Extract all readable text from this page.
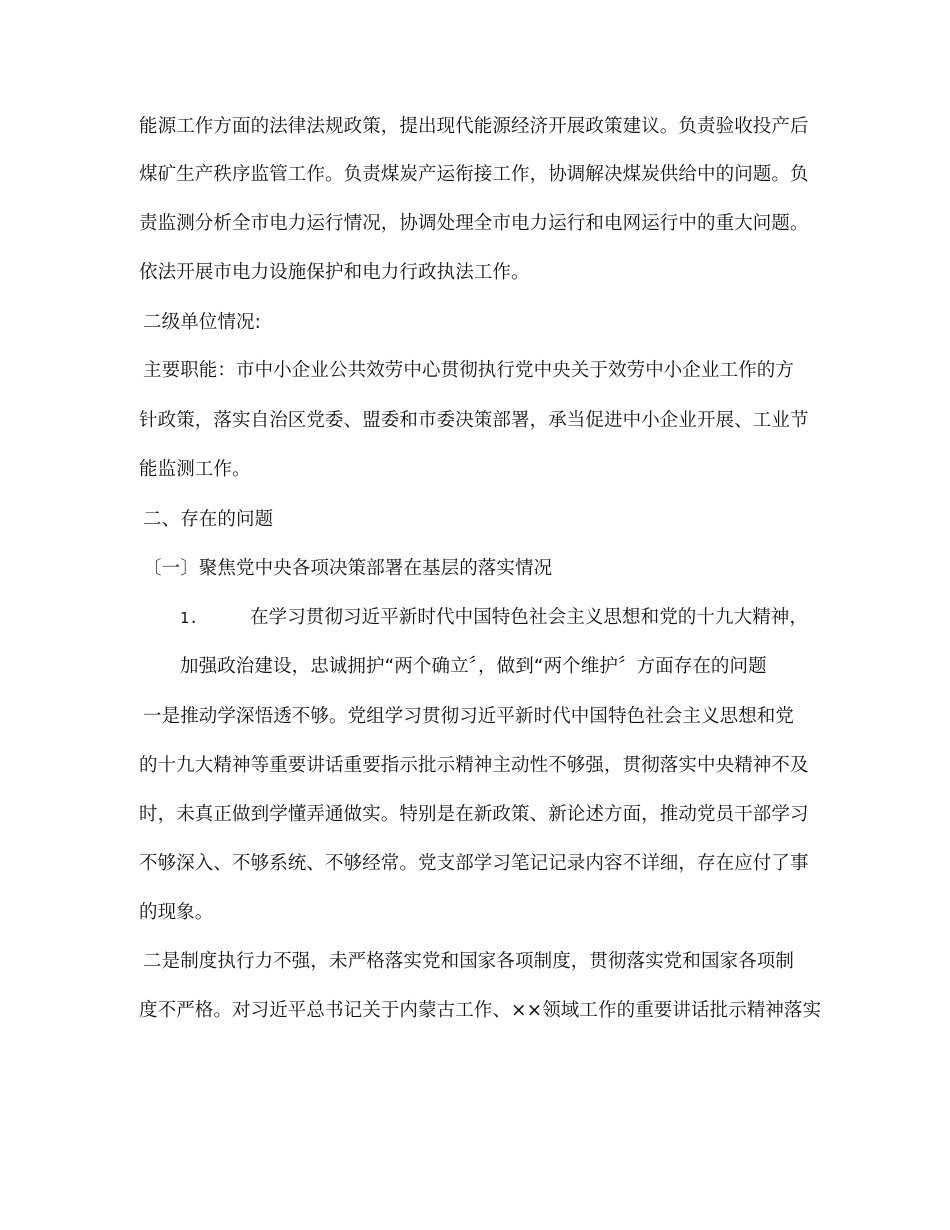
能源工作方面的法律法规政策，提出现代能源经济开展政策建议。负责验收投产后
煤矿生产秩序监管工作。负责煤炭产运衔接工作，协调解决煤炭供给中的问题。负
责监测分析全市电力运行情况，协调处理全市电力运行和电网运行中的重大问题。
依法开展市电力设施保护和电力行政执法工作。
二级单位情况:
主要职能：市中小企业公共效劳中心贯彻执行党中央关于效劳中小企业工作的方
针政策，落实自治区党委、盟委和市委决策部署，承当促进中小企业开展、工业节
能监测工作。
二、存在的问题
〔一〕聚焦党中央各项决策部署在基层的落实情况
1.	在学习贯彻习近平新时代中国特色社会主义思想和党的十九大精神，
加强政治建设，忠诚拥护“两个确立〞，做到“两个维护〞方面存在的问题
一是推动学深悟透不够。党组学习贯彻习近平新时代中国特色社会主义思想和党
的十九大精神等重要讲话重要指示批示精神主动性不够强，贯彻落实中央精神不及
时，未真正做到学懂弄通做实。特别是在新政策、新论述方面，推动党员干部学习
不够深入、不够系统、不够经常。党支部学习笔记记录内容不详细，存在应付了事
的现象。
二是制度执行力不强，未严格落实党和国家各项制度，贯彻落实党和国家各项制
度不严格。对习近平总书记关于内蒙古工作、××领域工作的重要讲话批示精神落实
